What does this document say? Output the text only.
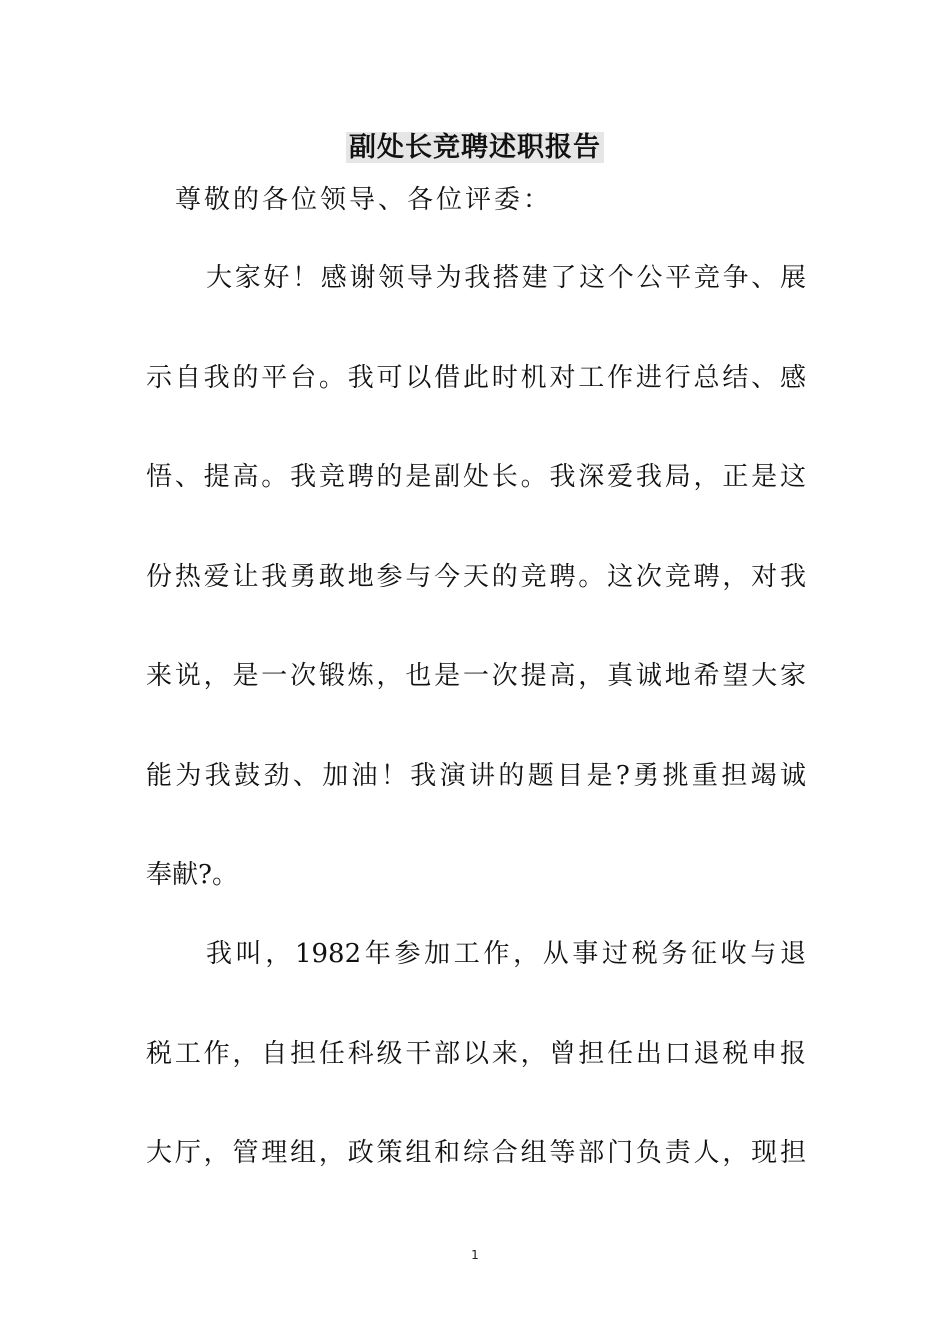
副处长竞聘述职报告
尊敬的各位领导、各位评委：
大家好！感谢领导为我搭建了这个公平竞争、展
示自我的平台。我可以借此时机对工作进行总结、感
悟、提高。我竞聘的是副处长。我深爱我局，正是这
份热爱让我勇敢地参与今天的竞聘。这次竞聘，对我
来说，是一次锻炼，也是一次提高，真诚地希望大家
能为我鼓劲、加油！我演讲的题目是?勇挑重担竭诚
奉献?。
我叫，1982年参加工作，从事过税务征收与退
税工作，自担任科级干部以来，曾担任出口退税申报
大厅，管理组，政策组和综合组等部门负责人，现担
1
